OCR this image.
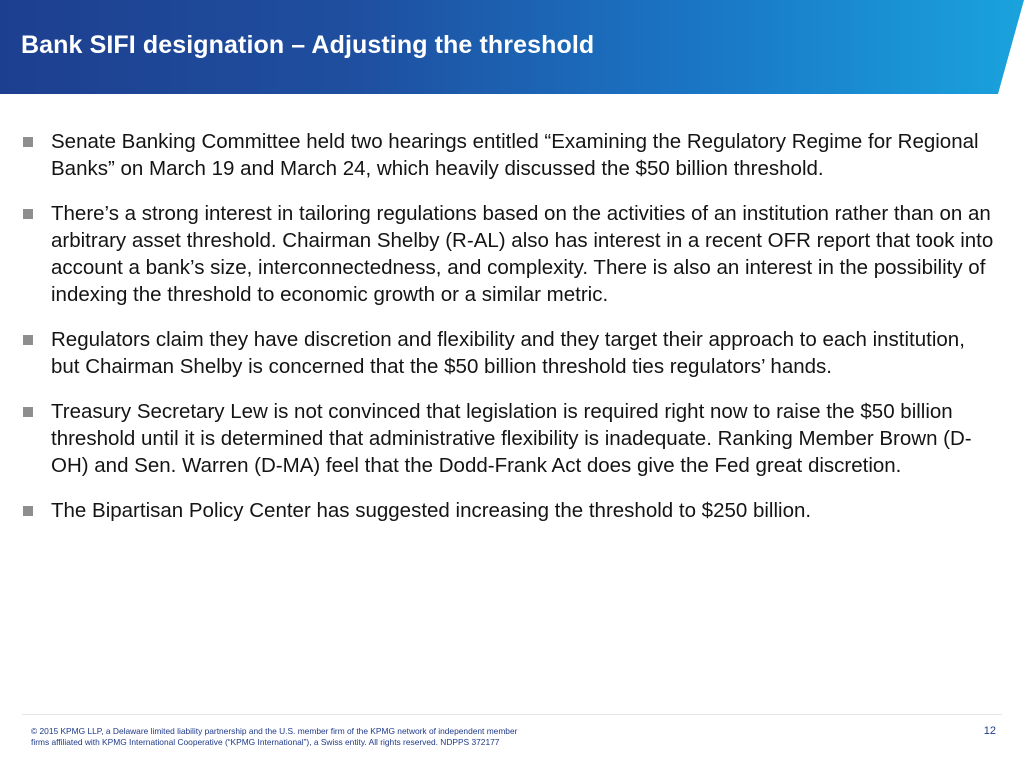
Bank SIFI designation – Adjusting the threshold
Senate Banking Committee held two hearings entitled “Examining the Regulatory Regime for Regional Banks” on March 19 and March 24, which heavily discussed the $50 billion threshold.
There’s a strong interest in tailoring regulations based on the activities of an institution rather than on an arbitrary asset threshold. Chairman Shelby (R-AL) also has interest in a recent OFR report that took into account a bank’s size, interconnectedness, and complexity. There is also an interest in the possibility of indexing the threshold to economic growth or a similar metric.
Regulators claim they have discretion and flexibility and they target their approach to each institution, but Chairman Shelby is concerned that the $50 billion threshold ties regulators’ hands.
Treasury Secretary Lew is not convinced that legislation is required right now to raise the $50 billion threshold until it is determined that administrative flexibility is inadequate. Ranking Member Brown (D-OH) and Sen. Warren (D-MA) feel that the Dodd-Frank Act does give the Fed great discretion.
The Bipartisan Policy Center has suggested increasing the threshold to $250 billion.

© 2015 KPMG LLP, a Delaware limited liability partnership and the U.S. member firm of the KPMG network of independent member
firms affiliated with KPMG International Cooperative (“KPMG International”), a Swiss entity. All rights reserved. NDPPS 372177

12
